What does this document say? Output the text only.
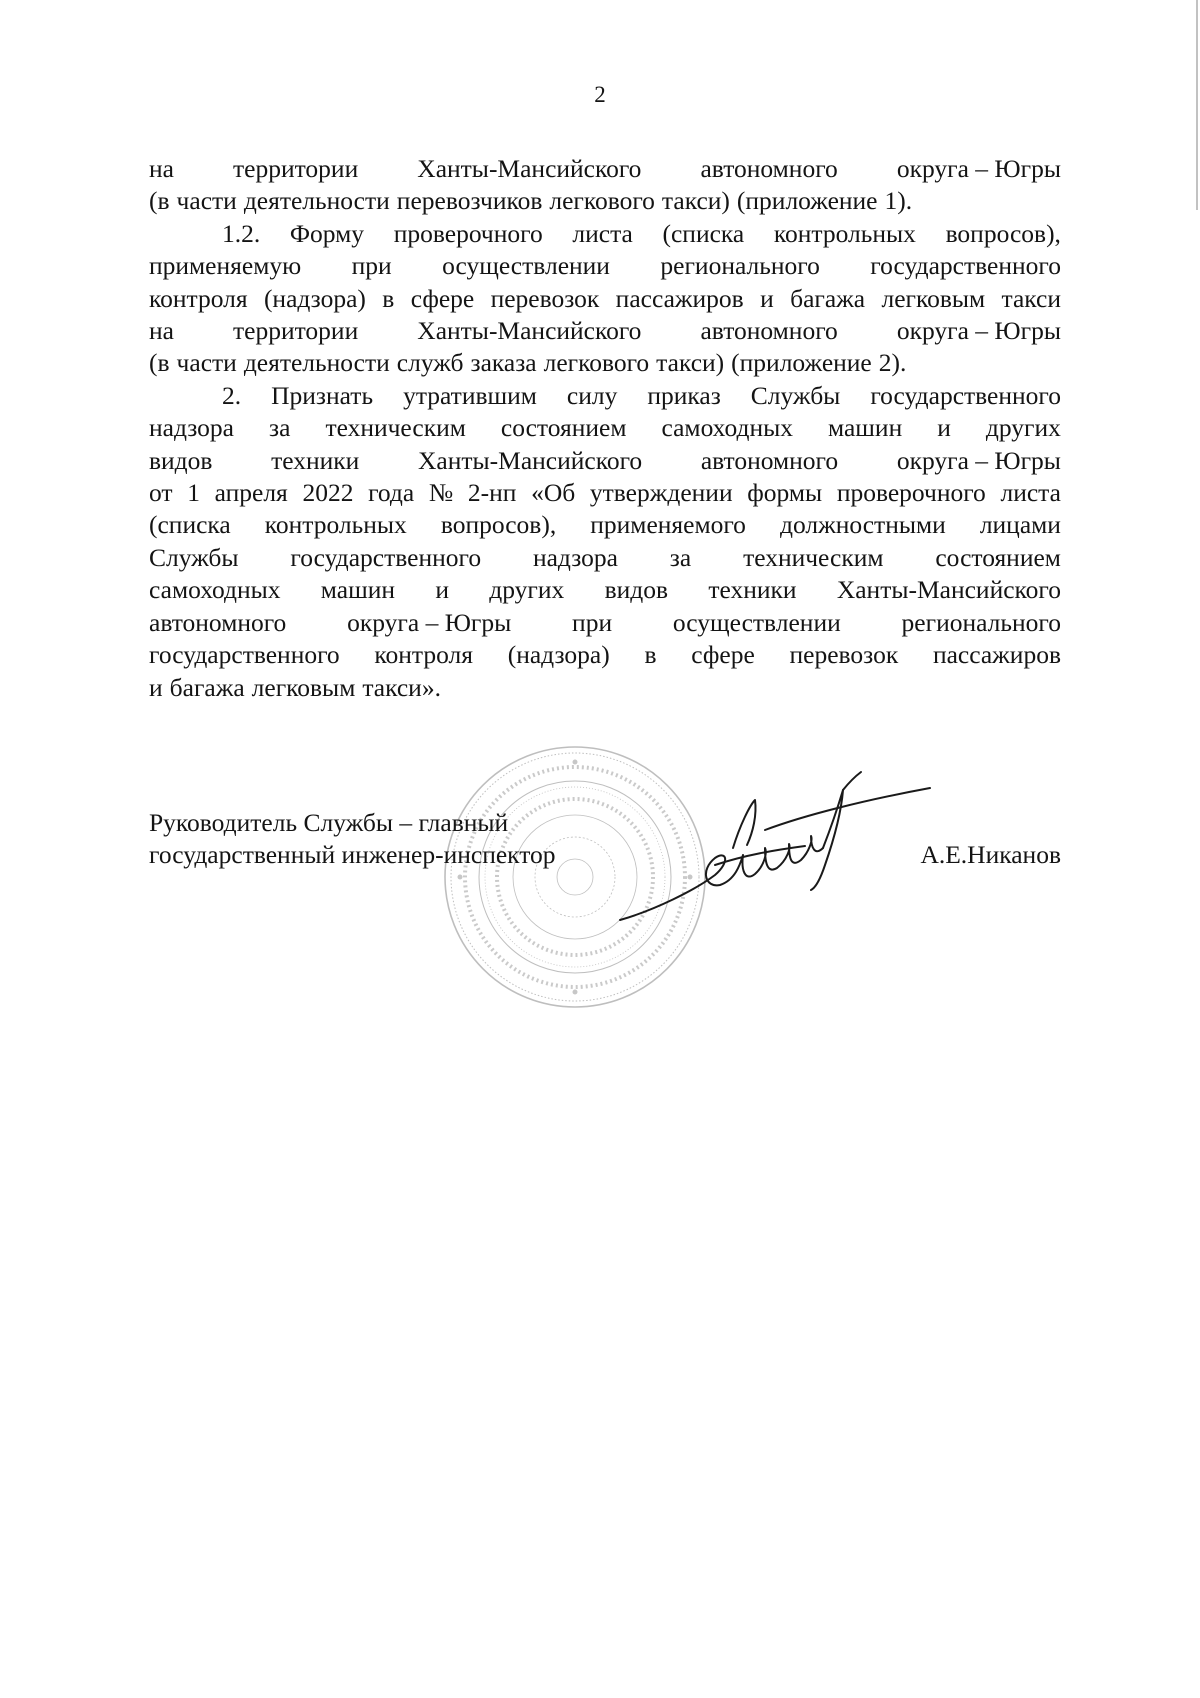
2
на территории Ханты-Мансийского автономного округа – Югры
(в части деятельности перевозчиков легкового такси) (приложение 1).
1.2. Форму проверочного листа (списка контрольных вопросов),
применяемую при осуществлении регионального государственного
контроля (надзора) в сфере перевозок пассажиров и багажа легковым такси
на территории Ханты-Мансийского автономного округа – Югры
(в части деятельности служб заказа легкового такси) (приложение 2).
2. Признать утратившим силу приказ Службы государственного
надзора за техническим состоянием самоходных машин и других
видов техники Ханты-Мансийского автономного округа – Югры
от 1 апреля 2022 года № 2-нп «Об утверждении формы проверочного листа
(списка контрольных вопросов), применяемого должностными лицами
Службы государственного надзора за техническим состоянием
самоходных машин и других видов техники Ханты-Мансийского
автономного округа – Югры при осуществлении регионального
государственного контроля (надзора) в сфере перевозок пассажиров
и багажа легковым такси».
Руководитель Службы – главный
государственный инженер-инспектор	А.Е.Никанов
